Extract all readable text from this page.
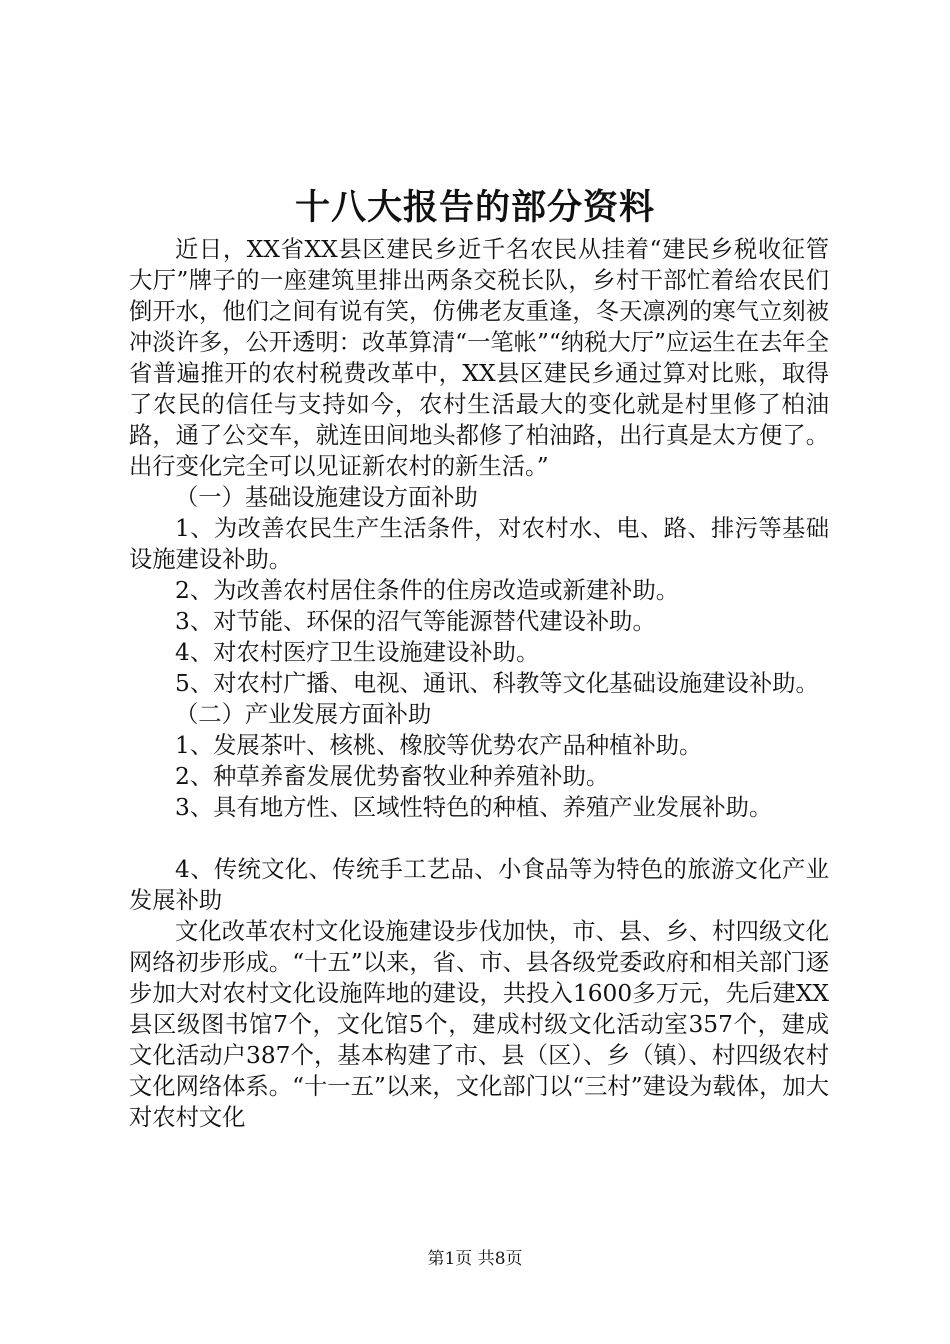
十八大报告的部分资料

近日，XX省XX县区建民乡近千名农民从挂着“建民乡税收征管大厅”牌子的一座建筑里排出两条交税长队，乡村干部忙着给农民们倒开水，他们之间有说有笑，仿佛老友重逢，冬天凛冽的寒气立刻被冲淡许多，公开透明：改革算清“一笔帐”“纳税大厅”应运生在去年全省普遍推开的农村税费改革中，XX县区建民乡通过算对比账，取得了农民的信任与支持如今，农村生活最大的变化就是村里修了柏油路，通了公交车，就连田间地头都修了柏油路，出行真是太方便了。出行变化完全可以见证新农村的新生活。”

（一）基础设施建设方面补助

1、为改善农民生产生活条件，对农村水、电、路、排污等基础设施建设补助。

2、为改善农村居住条件的住房改造或新建补助。

3、对节能、环保的沼气等能源替代建设补助。

4、对农村医疗卫生设施建设补助。

5、对农村广播、电视、通讯、科教等文化基础设施建设补助。

（二）产业发展方面补助

1、发展茶叶、核桃、橡胶等优势农产品种植补助。

2、种草养畜发展优势畜牧业种养殖补助。

3、具有地方性、区域性特色的种植、养殖产业发展补助。

4、传统文化、传统手工艺品、小食品等为特色的旅游文化产业发展补助

文化改革农村文化设施建设步伐加快，市、县、乡、村四级文化网络初步形成。“十五”以来，省、市、县各级党委政府和相关部门逐步加大对农村文化设施阵地的建设，共投入1600多万元，先后建XX县区级图书馆7个，文化馆5个，建成村级文化活动室357个，建成文化活动户387个，基本构建了市、县（区）、乡（镇）、村四级农村文化网络体系。“十一五”以来，文化部门以“三村”建设为载体，加大对农村文化

第1页 共8页
